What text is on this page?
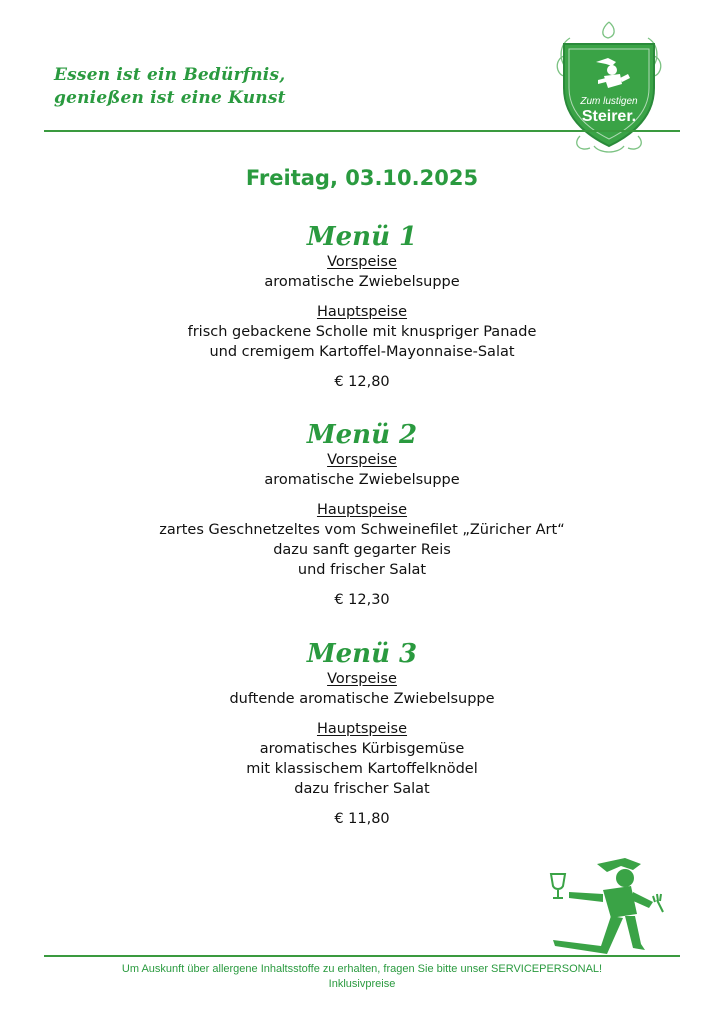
Essen ist ein Bedürfnis,
genießen ist eine Kunst	Zum lustigen
Steirer.
Freitag, 03.10.2025
Menü 1
Vorspeise
aromatische Zwiebelsuppe
Hauptspeise
frisch gebackene Scholle mit knuspriger Panade
und cremigem Kartoffel-Mayonnaise-Salat
€ 12,80
Menü 2
Vorspeise
aromatische Zwiebelsuppe
Hauptspeise
zartes Geschnetzeltes vom Schweinefilet „Züricher Art“
dazu sanft gegarter Reis
und frischer Salat
€ 12,30
Menü 3
Vorspeise
duftende aromatische Zwiebelsuppe
Hauptspeise
aromatisches Kürbisgemüse
mit klassischem Kartoffelknödel
dazu frischer Salat
€ 11,80
Um Auskunft über allergene Inhaltsstoffe zu erhalten, fragen Sie bitte unser SERVICEPERSONAL!
Inklusivpreise
